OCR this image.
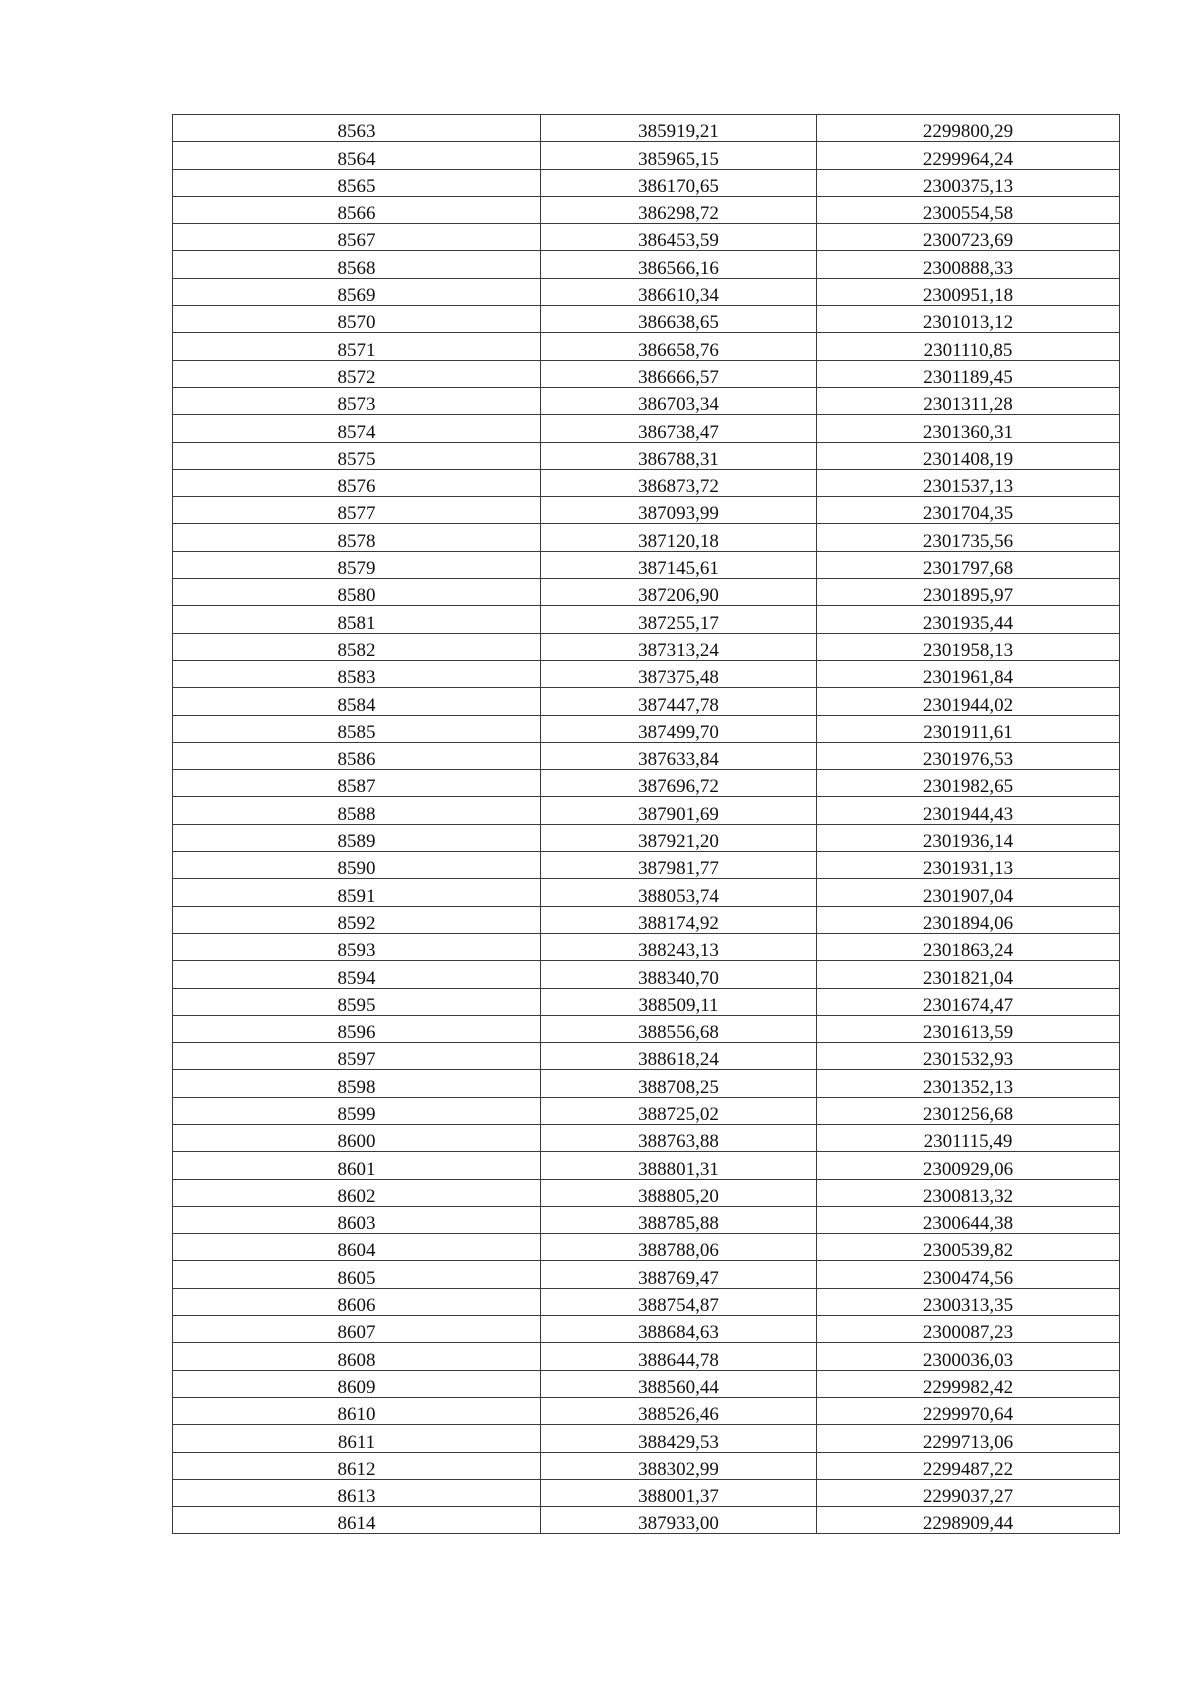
8563	385919,21	2299800,29
8564	385965,15	2299964,24
8565	386170,65	2300375,13
8566	386298,72	2300554,58
8567	386453,59	2300723,69
8568	386566,16	2300888,33
8569	386610,34	2300951,18
8570	386638,65	2301013,12
8571	386658,76	2301110,85
8572	386666,57	2301189,45
8573	386703,34	2301311,28
8574	386738,47	2301360,31
8575	386788,31	2301408,19
8576	386873,72	2301537,13
8577	387093,99	2301704,35
8578	387120,18	2301735,56
8579	387145,61	2301797,68
8580	387206,90	2301895,97
8581	387255,17	2301935,44
8582	387313,24	2301958,13
8583	387375,48	2301961,84
8584	387447,78	2301944,02
8585	387499,70	2301911,61
8586	387633,84	2301976,53
8587	387696,72	2301982,65
8588	387901,69	2301944,43
8589	387921,20	2301936,14
8590	387981,77	2301931,13
8591	388053,74	2301907,04
8592	388174,92	2301894,06
8593	388243,13	2301863,24
8594	388340,70	2301821,04
8595	388509,11	2301674,47
8596	388556,68	2301613,59
8597	388618,24	2301532,93
8598	388708,25	2301352,13
8599	388725,02	2301256,68
8600	388763,88	2301115,49
8601	388801,31	2300929,06
8602	388805,20	2300813,32
8603	388785,88	2300644,38
8604	388788,06	2300539,82
8605	388769,47	2300474,56
8606	388754,87	2300313,35
8607	388684,63	2300087,23
8608	388644,78	2300036,03
8609	388560,44	2299982,42
8610	388526,46	2299970,64
8611	388429,53	2299713,06
8612	388302,99	2299487,22
8613	388001,37	2299037,27
8614	387933,00	2298909,44
